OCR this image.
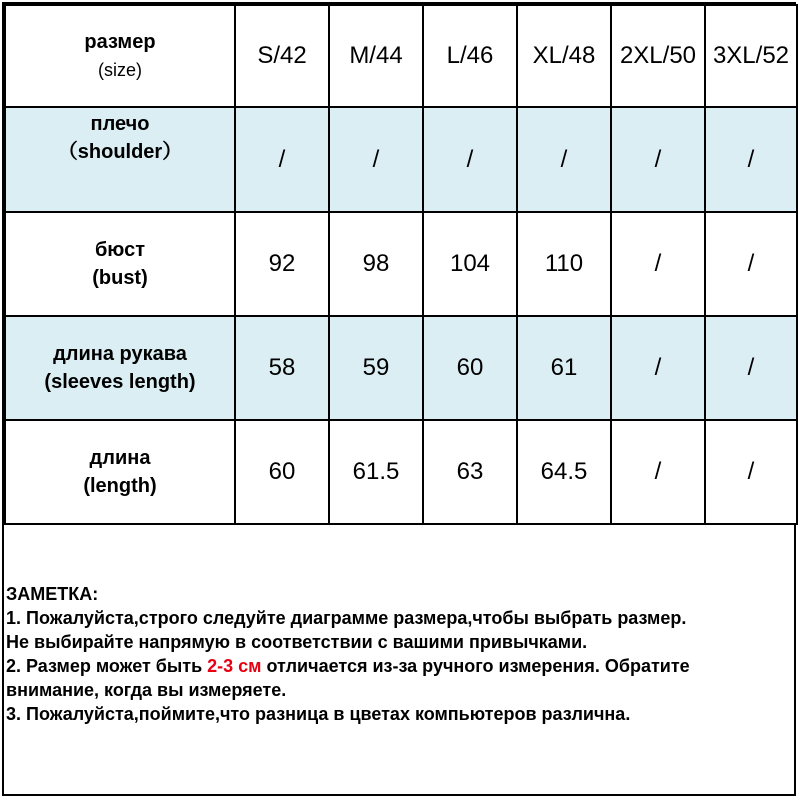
размер
(size)	S/42	M/44	L/46	XL/48	2XL/50	3XL/52

плечо
（shoulder）	/	/	/	/	/	/

бюст
(bust)	92	98	104	110	/	/

длина рукава
(sleeves length)	58	59	60	61	/	/

длина
(length)	60	61.5	63	64.5	/	/
ЗАМЕТКА:
1. Пожалуйста,строго следуйте диаграмме размера,чтобы выбрать размер.
Не выбирайте напрямую в соответствии с вашими привычками.
2. Размер может быть 2-3 см отличается из-за ручного измерения. Обратите
внимание, когда вы измеряете.
3. Пожалуйста,поймите,что разница в цветах компьютеров различна.
